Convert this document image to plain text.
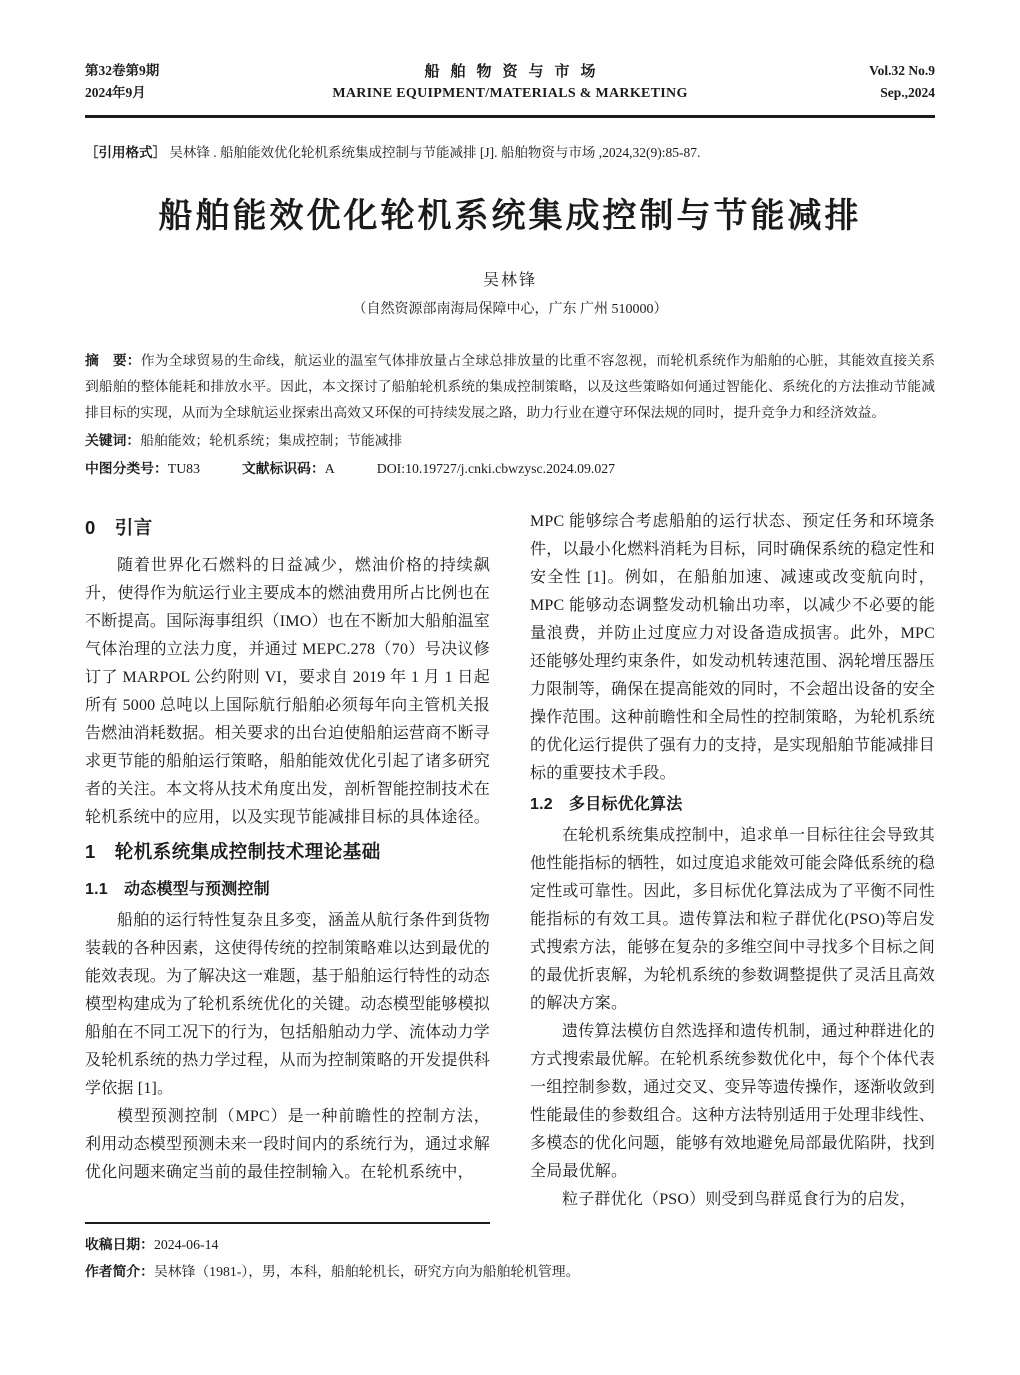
第32卷第9期
2024年9月
船舶物资与市场
MARINE EQUIPMENT/MATERIALS & MARKETING
Vol.32 No.9
Sep.,2024
［引用格式］ 吴林锋 . 船舶能效优化轮机系统集成控制与节能减排 [J]. 船舶物资与市场 ,2024,32(9):85-87.
船舶能效优化轮机系统集成控制与节能减排
吴林锋
（自然资源部南海局保障中心，广东 广州 510000）
摘　要：作为全球贸易的生命线，航运业的温室气体排放量占全球总排放量的比重不容忽视，而轮机系统作为船舶的心脏，其能效直接关系到船舶的整体能耗和排放水平。因此，本文探讨了船舶轮机系统的集成控制策略，以及这些策略如何通过智能化、系统化的方法推动节能减排目标的实现，从而为全球航运业探索出高效又环保的可持续发展之路，助力行业在遵守环保法规的同时，提升竞争力和经济效益。
关键词：船舶能效；轮机系统；集成控制；节能减排
中图分类号：TU83	文献标识码：A	DOI:10.19727/j.cnki.cbwzysc.2024.09.027
0　引言

随着世界化石燃料的日益减少，燃油价格的持续飙升，使得作为航运行业主要成本的燃油费用所占比例也在不断提高。国际海事组织（IMO）也在不断加大船舶温室气体治理的立法力度，并通过 MEPC.278（70）号决议修订了 MARPOL 公约附则 VI，要求自 2019 年 1 月 1 日起所有 5000 总吨以上国际航行船舶必须每年向主管机关报告燃油消耗数据。相关要求的出台迫使船舶运营商不断寻求更节能的船舶运行策略，船舶能效优化引起了诸多研究者的关注。本文将从技术角度出发，剖析智能控制技术在轮机系统中的应用，以及实现节能减排目标的具体途径。

1　轮机系统集成控制技术理论基础
1.1　动态模型与预测控制

船舶的运行特性复杂且多变，涵盖从航行条件到货物装载的各种因素，这使得传统的控制策略难以达到最优的能效表现。为了解决这一难题，基于船舶运行特性的动态模型构建成为了轮机系统优化的关键。动态模型能够模拟船舶在不同工况下的行为，包括船舶动力学、流体动力学及轮机系统的热力学过程，从而为控制策略的开发提供科学依据 [1]。

模型预测控制（MPC）是一种前瞻性的控制方法，利用动态模型预测未来一段时间内的系统行为，通过求解优化问题来确定当前的最佳控制输入。在轮机系统中，

MPC 能够综合考虑船舶的运行状态、预定任务和环境条件，以最小化燃料消耗为目标，同时确保系统的稳定性和安全性 [1]。例如，在船舶加速、减速或改变航向时，MPC 能够动态调整发动机输出功率，以减少不必要的能量浪费，并防止过度应力对设备造成损害。此外，MPC 还能够处理约束条件，如发动机转速范围、涡轮增压器压力限制等，确保在提高能效的同时，不会超出设备的安全操作范围。这种前瞻性和全局性的控制策略，为轮机系统的优化运行提供了强有力的支持，是实现船舶节能减排目标的重要技术手段。

1.2　多目标优化算法

在轮机系统集成控制中，追求单一目标往往会导致其他性能指标的牺牲，如过度追求能效可能会降低系统的稳定性或可靠性。因此，多目标优化算法成为了平衡不同性能指标的有效工具。遗传算法和粒子群优化(PSO)等启发式搜索方法，能够在复杂的多维空间中寻找多个目标之间的最优折衷解，为轮机系统的参数调整提供了灵活且高效的解决方案。

遗传算法模仿自然选择和遗传机制，通过种群进化的方式搜索最优解。在轮机系统参数优化中，每个个体代表一组控制参数，通过交叉、变异等遗传操作，逐渐收敛到性能最佳的参数组合。这种方法特别适用于处理非线性、多模态的优化问题，能够有效地避免局部最优陷阱，找到全局最优解。

粒子群优化（PSO）则受到鸟群觅食行为的启发，

收稿日期：2024-06-14
作者简介：吴林锋（1981-），男，本科，船舶轮机长，研究方向为船舶轮机管理。
